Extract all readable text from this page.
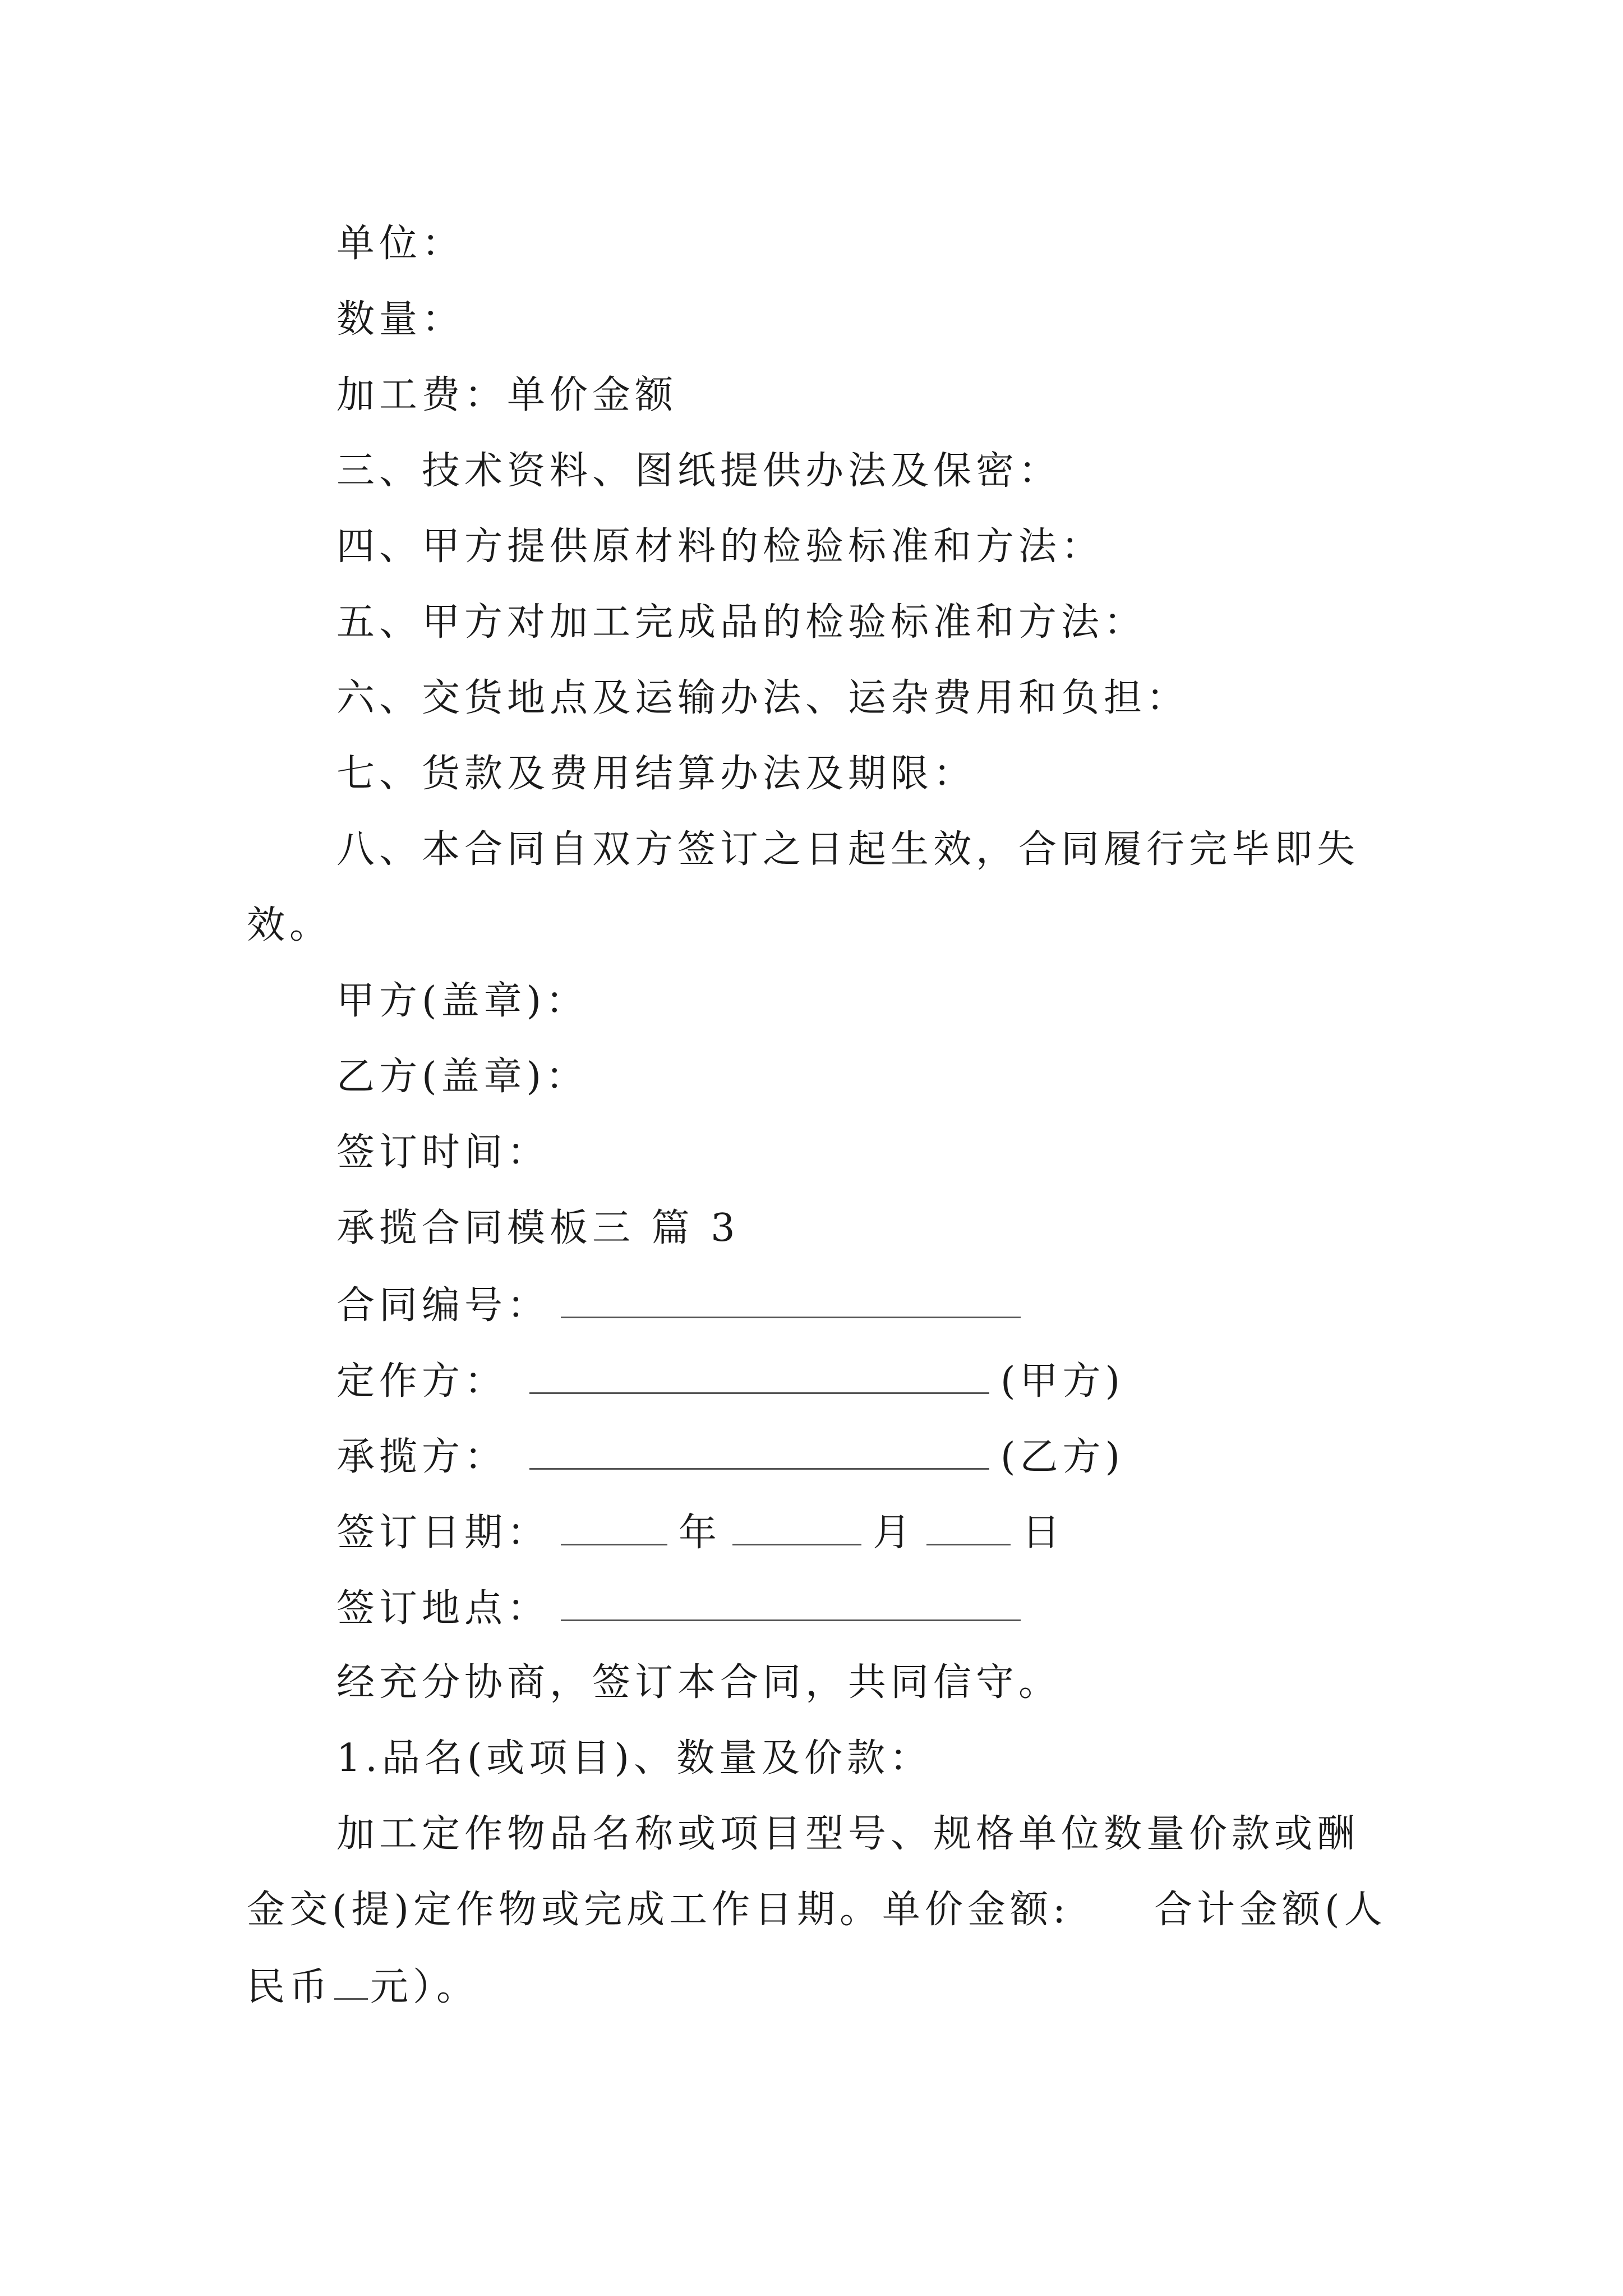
单位：
数量：
加工费：单价金额
三、技术资料、图纸提供办法及保密：
四、甲方提供原材料的检验标准和方法：
五、甲方对加工完成品的检验标准和方法：
六、交货地点及运输办法、运杂费用和负担：
七、货款及费用结算办法及期限：
八、本合同自双方签订之日起生效，合同履行完毕即失
效。
甲方(盖章)：
乙方(盖章)：
签订时间：
承揽合同模板三 篇 3
合同编号：
定作方：	(甲方)
承揽方：	(乙方)
签订日期：	年	月	日
签订地点：
经充分协商，签订本合同，共同信守。
1.品名(或项目)、数量及价款：
加工定作物品名称或项目型号、规格单位数量价款或酬
金交(提)定作物或完成工作日期。单价金额: 合计金额(人
民币 元）。
